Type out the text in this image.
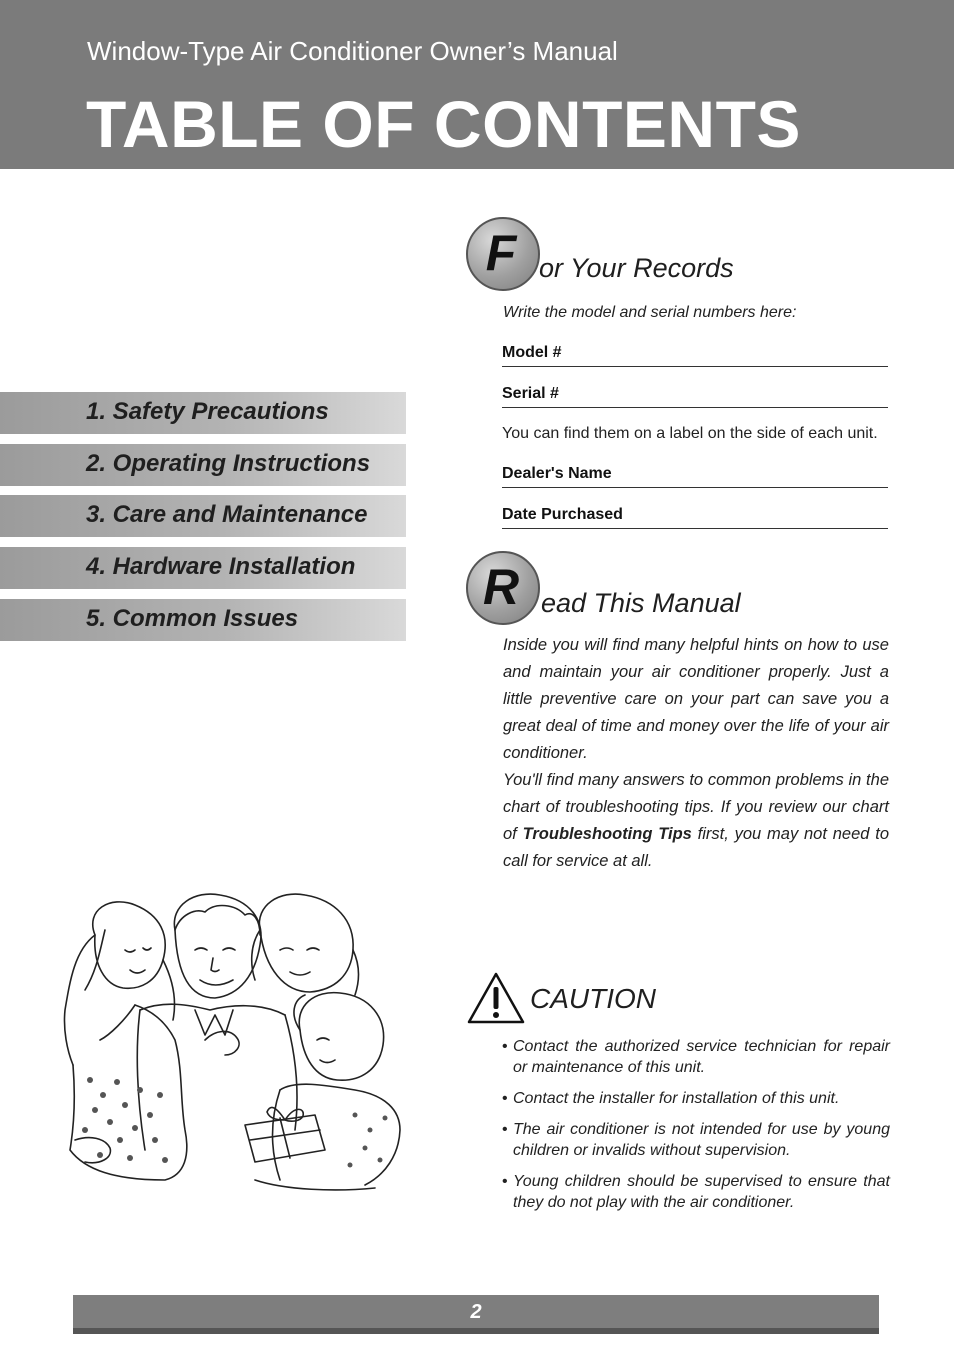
Window-Type Air Conditioner Owner’s Manual
TABLE OF CONTENTS
1. Safety Precautions
2. Operating Instructions
3. Care and Maintenance
4. Hardware Installation
5. Common Issues
F or Your Records
Write the model and serial numbers here:
Model #
Serial #
You can find them on a label on the side of each unit.
Dealer's Name
Date Purchased
R ead This Manual

Inside you will find many helpful hints on how to use and maintain your air conditioner properly. Just a little preventive care on your part can save you a great deal of time and money over the life of your air conditioner.

You'll find many answers to common problems in the chart of troubleshooting tips. If you review our chart of Troubleshooting Tips first, you may not need to call for service at all.

CAUTION
• Contact the authorized service technician for repair or maintenance of this unit.
• Contact the installer for installation of this unit.
• The air conditioner is not intended for use by young children or invalids without supervision.
• Young children should be supervised to ensure that they do not play with the air conditioner.
2
